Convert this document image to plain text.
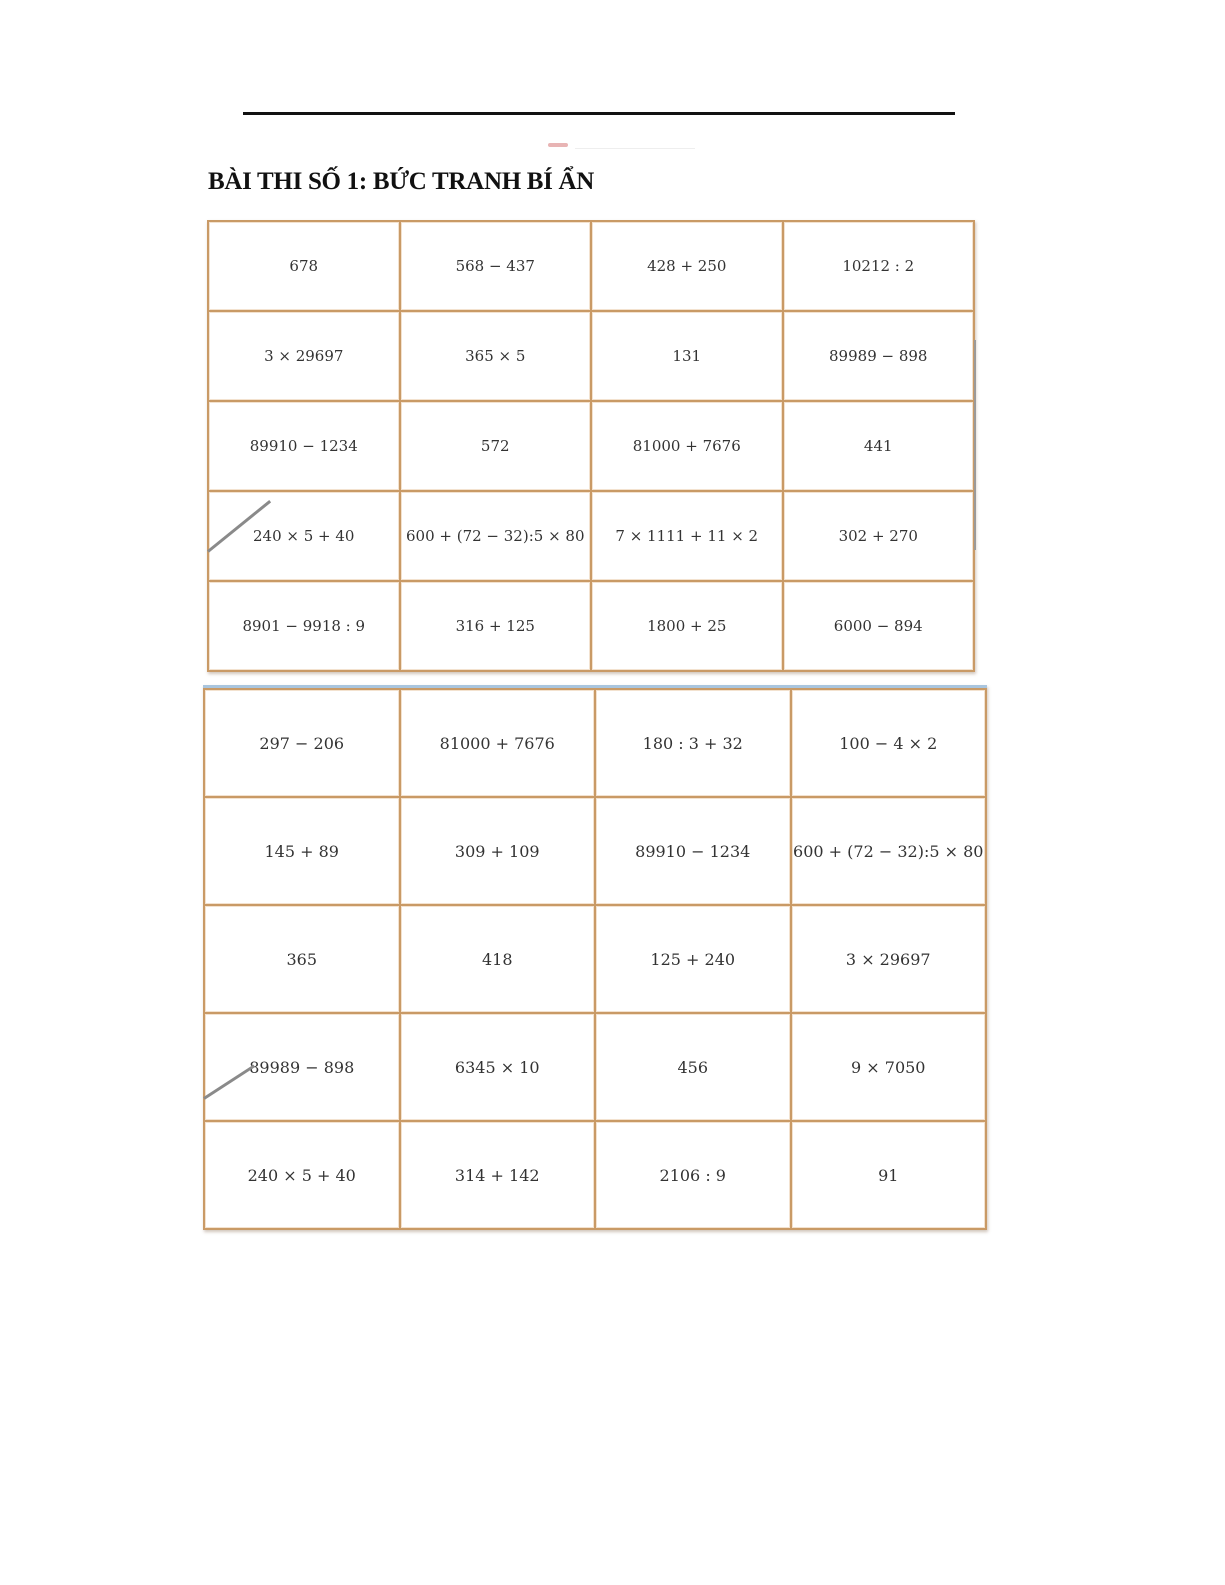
BÀI THI SỐ 1: BỨC TRANH BÍ ẨN
678	568 − 437	428 + 250	10212 : 2
3 × 29697	365 × 5	131	89989 − 898
89910 − 1234	572	81000 + 7676	441
240 × 5 + 40	600 + (72 − 32):5 × 80	7 × 1111 + 11 × 2	302 + 270
8901 − 9918 : 9	316 + 125	1800 + 25	6000 − 894
297 − 206	81000 + 7676	180 : 3 + 32	100 − 4 × 2
145 + 89	309 + 109	89910 − 1234	600 + (72 − 32):5 × 80
365	418	125 + 240	3 × 29697
89989 − 898	6345 × 10	456	9 × 7050
240 × 5 + 40	314 + 142	2106 : 9	91
